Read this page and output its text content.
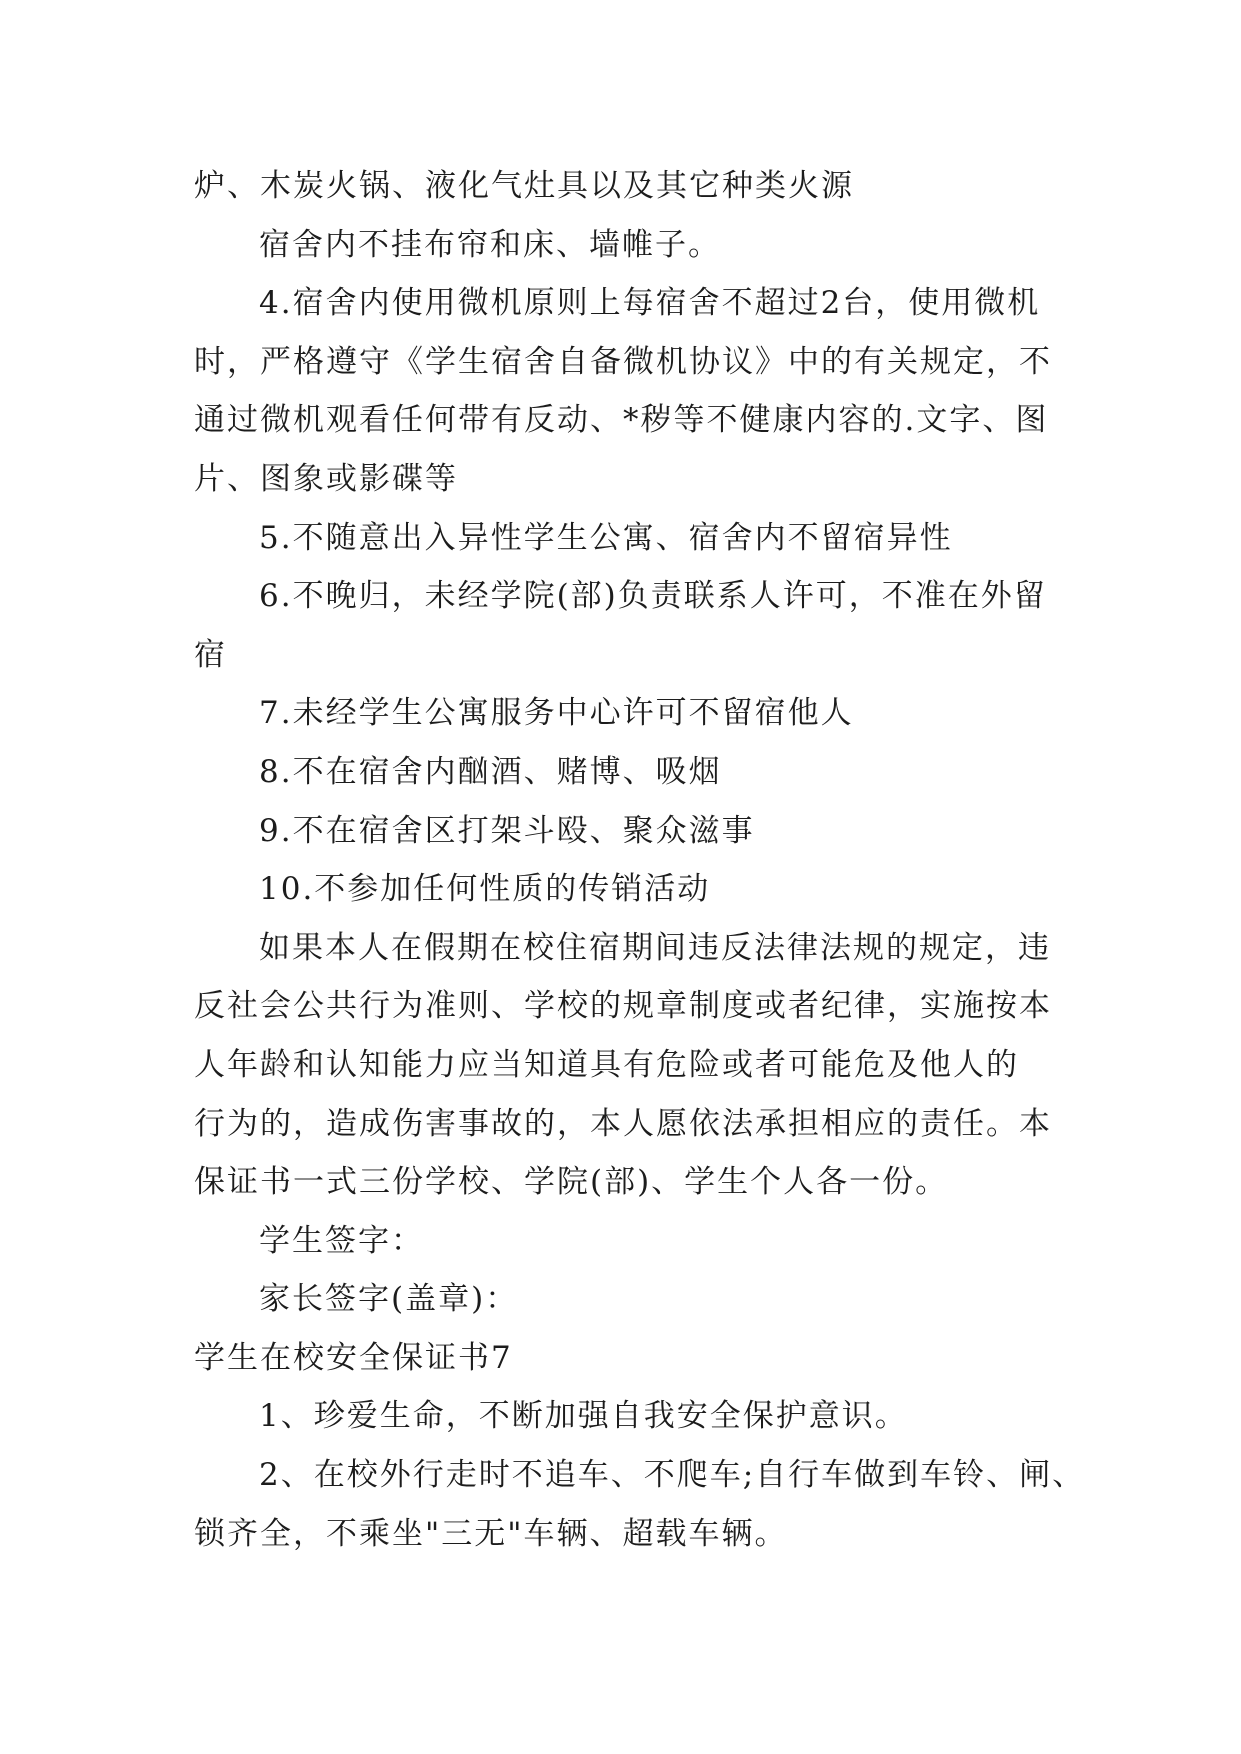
炉、木炭火锅、液化气灶具以及其它种类火源
宿舍内不挂布帘和床、墙帷子。
4.宿舍内使用微机原则上每宿舍不超过2台，使用微机
时，严格遵守《学生宿舍自备微机协议》中的有关规定，不
通过微机观看任何带有反动、*秽等不健康内容的.文字、图
片、图象或影碟等
5.不随意出入异性学生公寓、宿舍内不留宿异性
6.不晚归，未经学院(部)负责联系人许可，不准在外留
宿
7.未经学生公寓服务中心许可不留宿他人
8.不在宿舍内酗酒、赌博、吸烟
9.不在宿舍区打架斗殴、聚众滋事
10.不参加任何性质的传销活动
如果本人在假期在校住宿期间违反法律法规的规定，违
反社会公共行为准则、学校的规章制度或者纪律，实施按本
人年龄和认知能力应当知道具有危险或者可能危及他人的
行为的，造成伤害事故的，本人愿依法承担相应的责任。本
保证书一式三份学校、学院(部)、学生个人各一份。
学生签字：
家长签字(盖章)：
学生在校安全保证书7
1、珍爱生命，不断加强自我安全保护意识。
2、在校外行走时不追车、不爬车;自行车做到车铃、闸、
锁齐全，不乘坐"三无"车辆、超载车辆。
